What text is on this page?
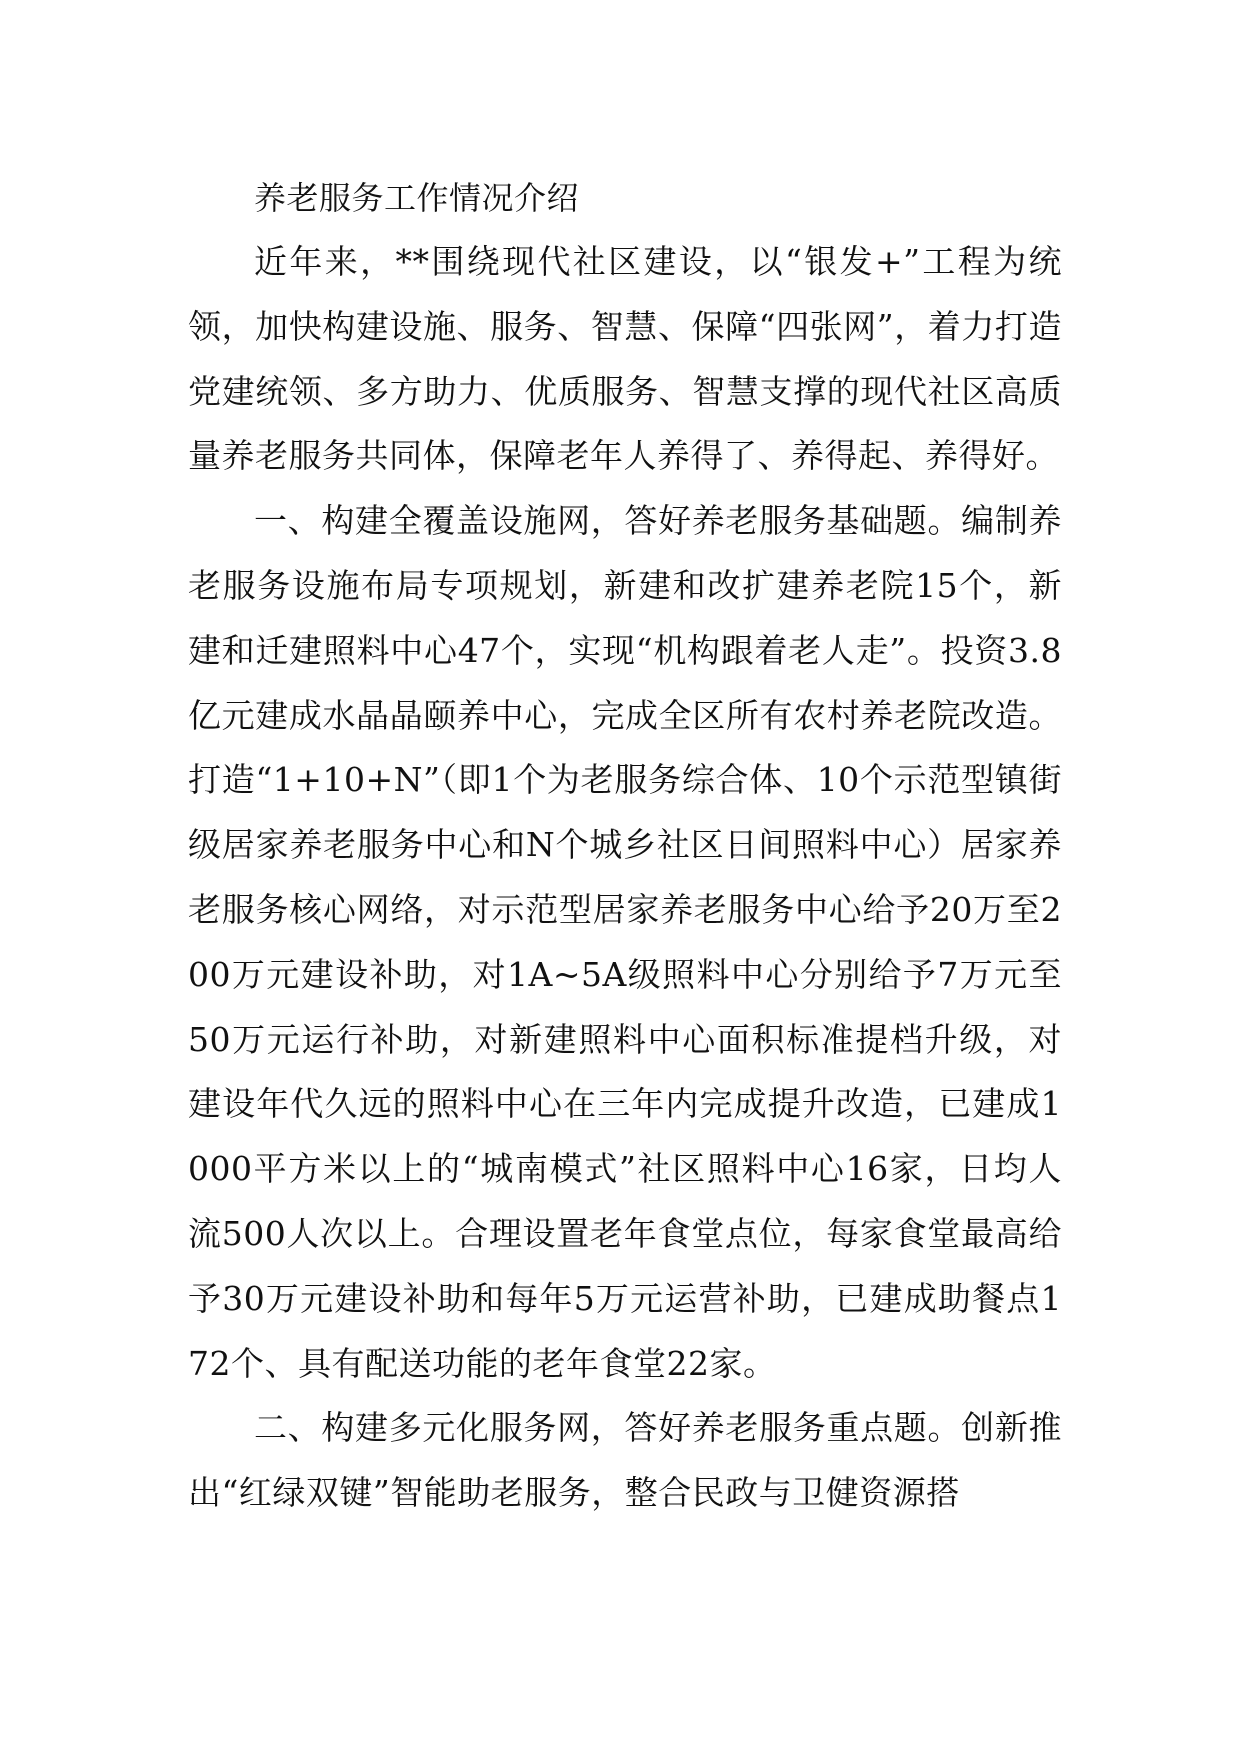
养老服务工作情况介绍

近年来，**围绕现代社区建设，以“银发+”工程为统领，加快构建设施、服务、智慧、保障“四张网”，着力打造党建统领、多方助力、优质服务、智慧支撑的现代社区高质量养老服务共同体，保障老年人养得了、养得起、养得好。

一、构建全覆盖设施网，答好养老服务基础题。编制养老服务设施布局专项规划，新建和改扩建养老院15个，新建和迁建照料中心47个，实现“机构跟着老人走”。投资3.8亿元建成水晶晶颐养中心，完成全区所有农村养老院改造。打造“1+10+N”（即1个为老服务综合体、10个示范型镇街级居家养老服务中心和N个城乡社区日间照料中心）居家养老服务核心网络，对示范型居家养老服务中心给予20万至200万元建设补助，对1A~5A级照料中心分别给予7万元至50万元运行补助，对新建照料中心面积标准提档升级，对建设年代久远的照料中心在三年内完成提升改造，已建成1000平方米以上的“城南模式”社区照料中心16家，日均人流500人次以上。合理设置老年食堂点位，每家食堂最高给予30万元建设补助和每年5万元运营补助，已建成助餐点172个、具有配送功能的老年食堂22家。

二、构建多元化服务网，答好养老服务重点题。创新推出“红绿双键”智能助老服务，整合民政与卫健资源搭
